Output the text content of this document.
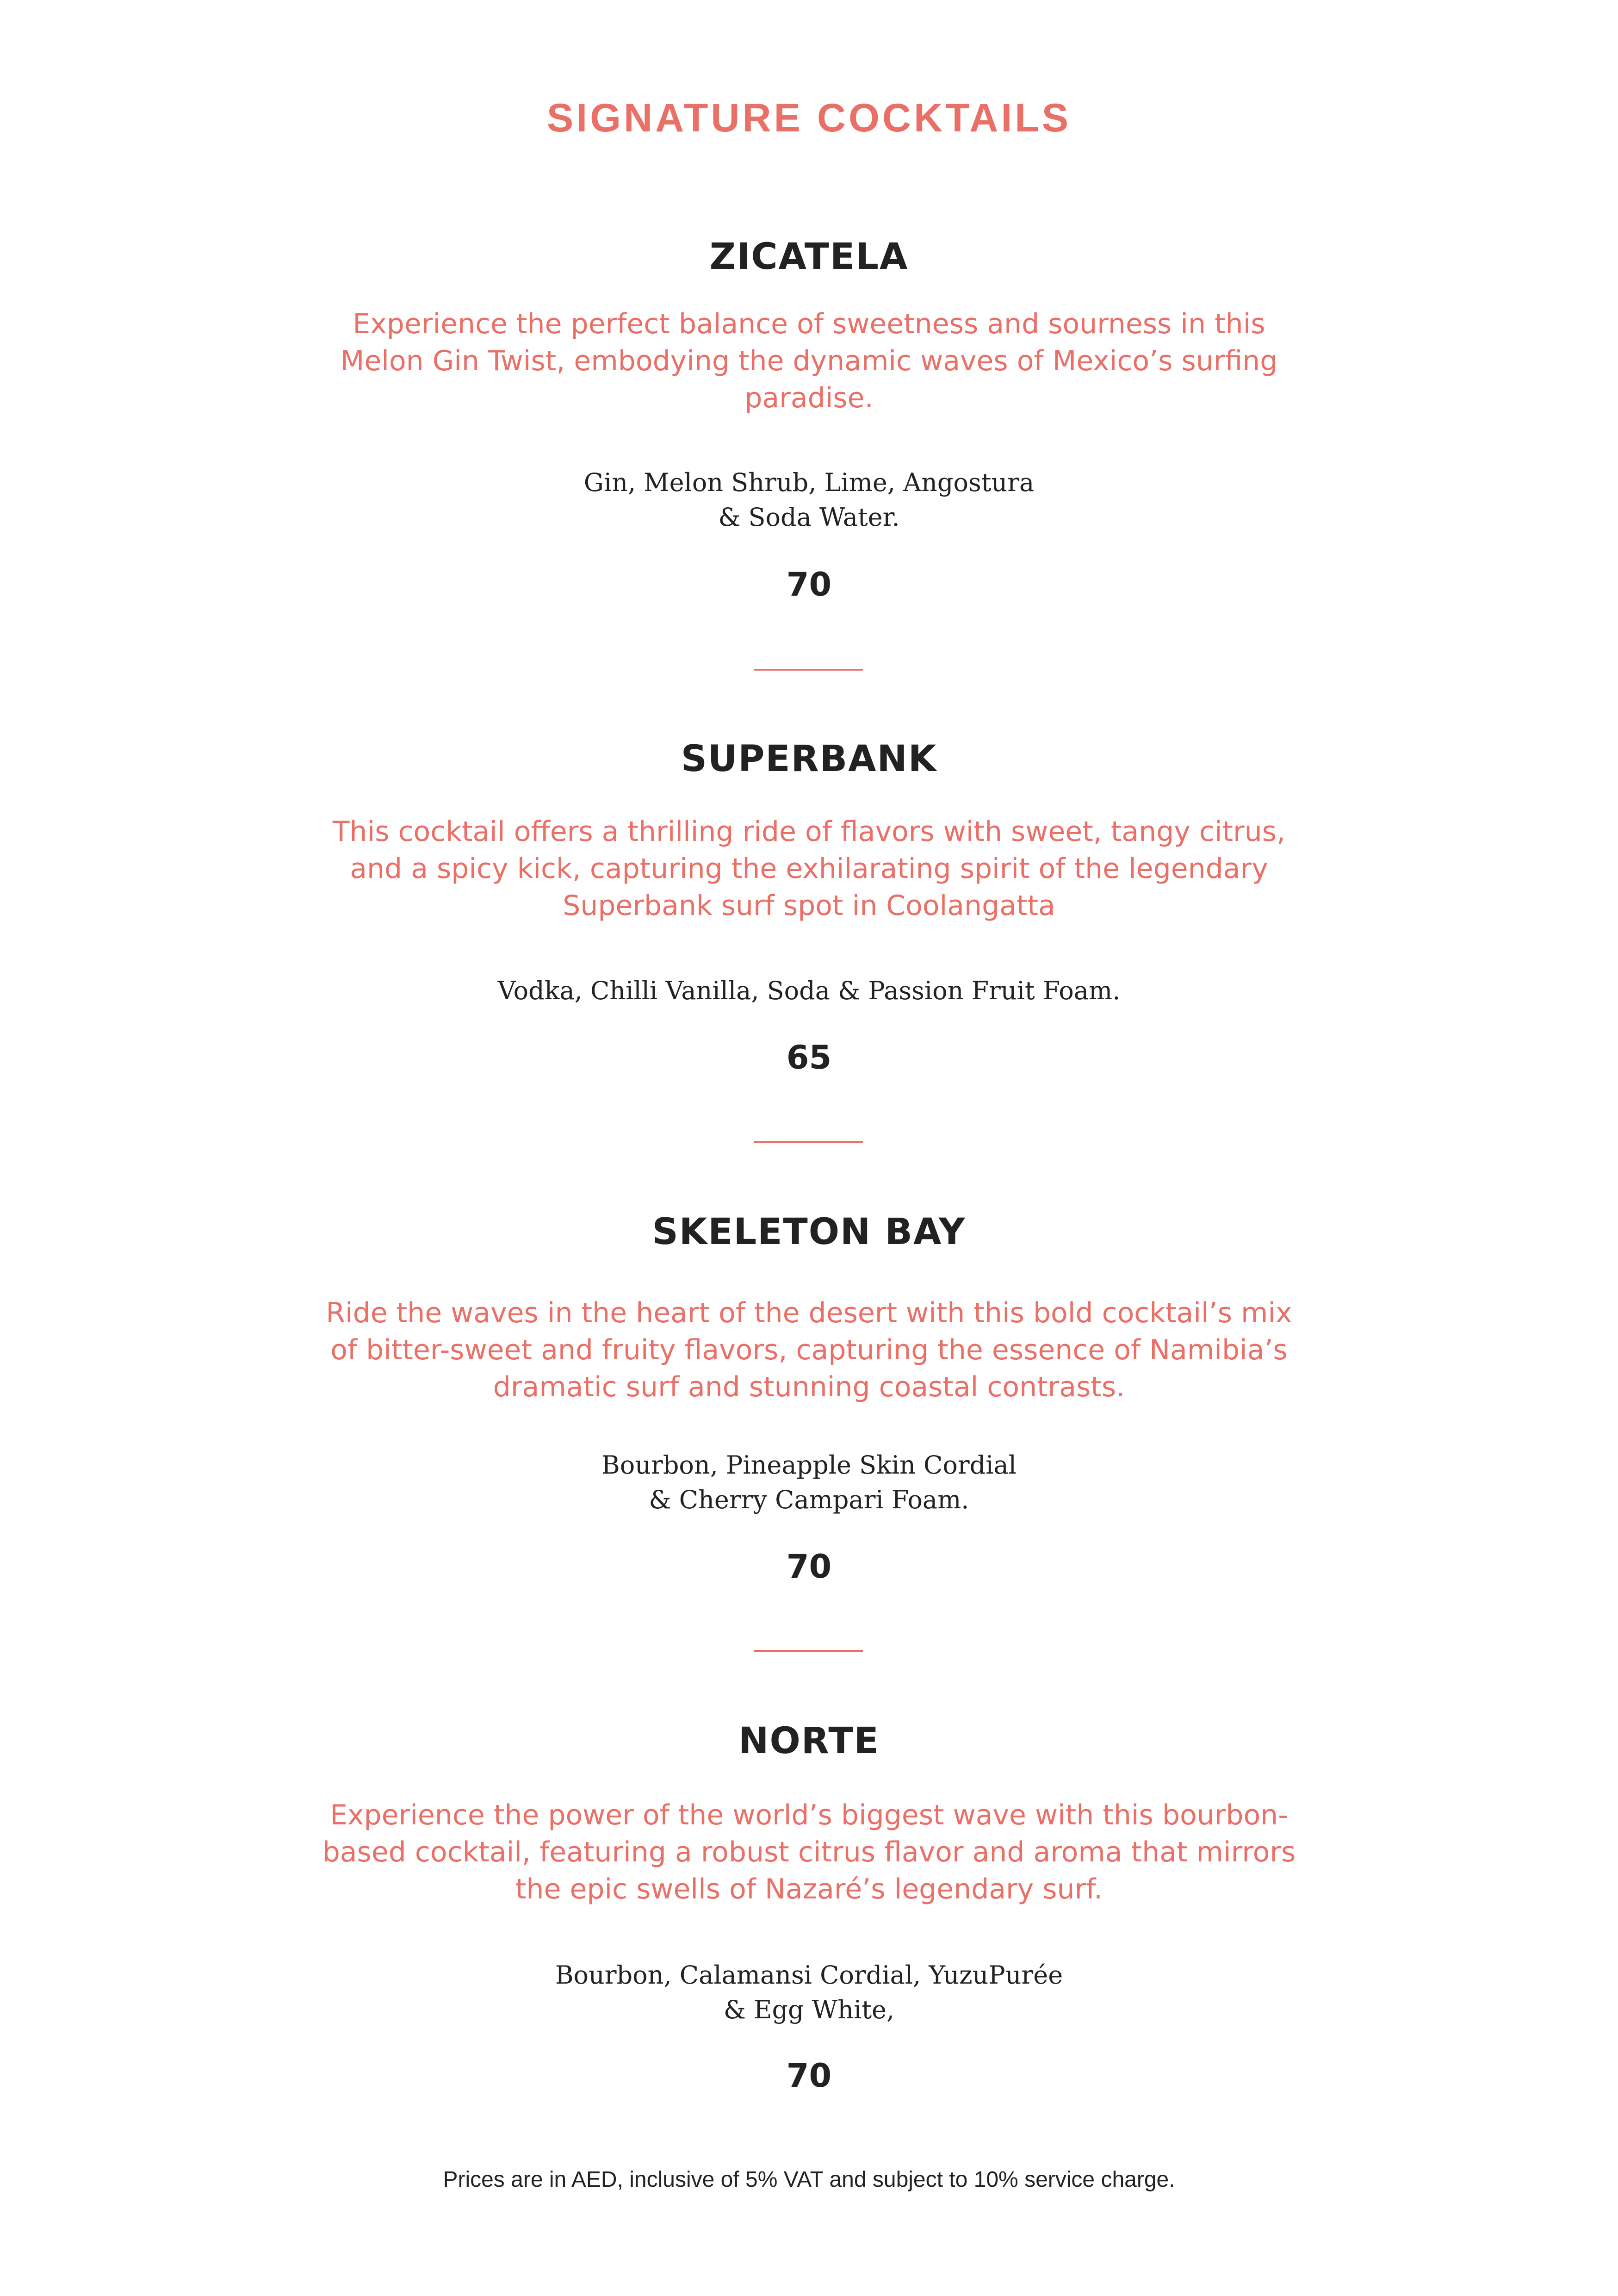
SIGNATURE COCKTAILS
ZICATELA
Experience the perfect balance of sweetness and sourness in this
Melon Gin Twist, embodying the dynamic waves of Mexico’s surfing
paradise.
Gin, Melon Shrub, Lime, Angostura
& Soda Water.
70
SUPERBANK
This cocktail offers a thrilling ride of flavors with sweet, tangy citrus,
and a spicy kick, capturing the exhilarating spirit of the legendary
Superbank surf spot in Coolangatta
Vodka, Chilli Vanilla, Soda & Passion Fruit Foam.
65
SKELETON BAY
Ride the waves in the heart of the desert with this bold cocktail’s mix
of bitter-sweet and fruity flavors, capturing the essence of Namibia’s
dramatic surf and stunning coastal contrasts.
Bourbon, Pineapple Skin Cordial
& Cherry Campari Foam.
70
NORTE
Experience the power of the world’s biggest wave with this bourbon-
based cocktail, featuring a robust citrus flavor and aroma that mirrors
the epic swells of Nazaré’s legendary surf.
Bourbon, Calamansi Cordial, YuzuPurée
& Egg White,
70
Prices are in AED, inclusive of 5% VAT and subject to 10% service charge.
